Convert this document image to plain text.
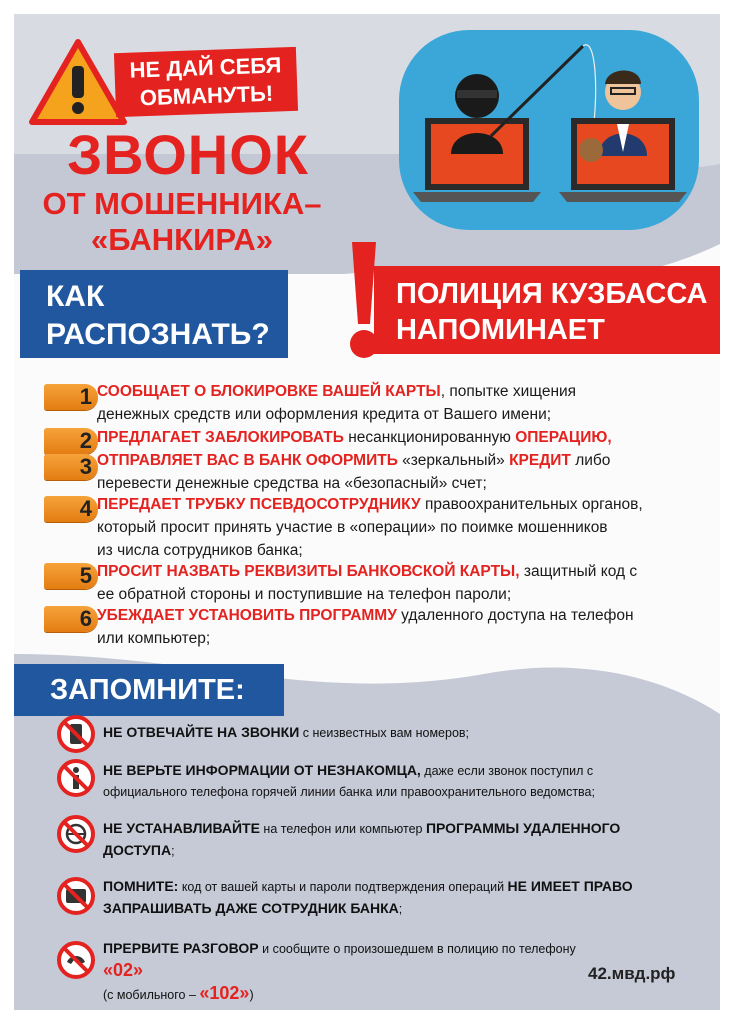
НЕ ДАЙ СЕБЯ
ОБМАНУТЬ!
ЗВОНОК
ОТ МОШЕННИКА–
«БАНКИРА»
КАК
РАСПОЗНАТЬ?
ПОЛИЦИЯ КУЗБАССА
НАПОМИНАЕТ
1 СООБЩАЕТ О БЛОКИРОВКЕ ВАШЕЙ КАРТЫ, попытке хищения
денежных средств или оформления кредита от Вашего имени;
2 ПРЕДЛАГАЕТ ЗАБЛОКИРОВАТЬ несанкционированную ОПЕРАЦИЮ,
3 ОТПРАВЛЯЕТ ВАС В БАНК ОФОРМИТЬ «зеркальный» КРЕДИТ либо
перевести денежные средства на «безопасный» счет;
4 ПЕРЕДАЕТ ТРУБКУ ПСЕВДОСОТРУДНИКУ правоохранительных органов,
который просит принять участие в «операции» по поимке мошенников
из числа сотрудников банка;
5 ПРОСИТ НАЗВАТЬ РЕКВИЗИТЫ БАНКОВСКОЙ КАРТЫ, защитный код с
ее обратной стороны и поступившие на телефон пароли;
6 УБЕЖДАЕТ УСТАНОВИТЬ ПРОГРАММУ удаленного доступа на телефон
или компьютер;
ЗАПОМНИТЕ:
НЕ ОТВЕЧАЙТЕ НА ЗВОНКИ с неизвестных вам номеров;
НЕ ВЕРЬТЕ ИНФОРМАЦИИ ОТ НЕЗНАКОМЦА, даже если звонок поступил с
официального телефона горячей линии банка или правоохранительного ведомства;
НЕ УСТАНАВЛИВАЙТЕ на телефон или компьютер ПРОГРАММЫ УДАЛЕННОГО
ДОСТУПА;
ПОМНИТЕ: код от вашей карты и пароли подтверждения операций НЕ ИМЕЕТ ПРАВО
ЗАПРАШИВАТЬ ДАЖЕ СОТРУДНИК БАНКА;
ПРЕРВИТЕ РАЗГОВОР и сообщите о произошедшем в полицию по телефону «02»
(с мобильного – «102»)
42.мвд.рф
